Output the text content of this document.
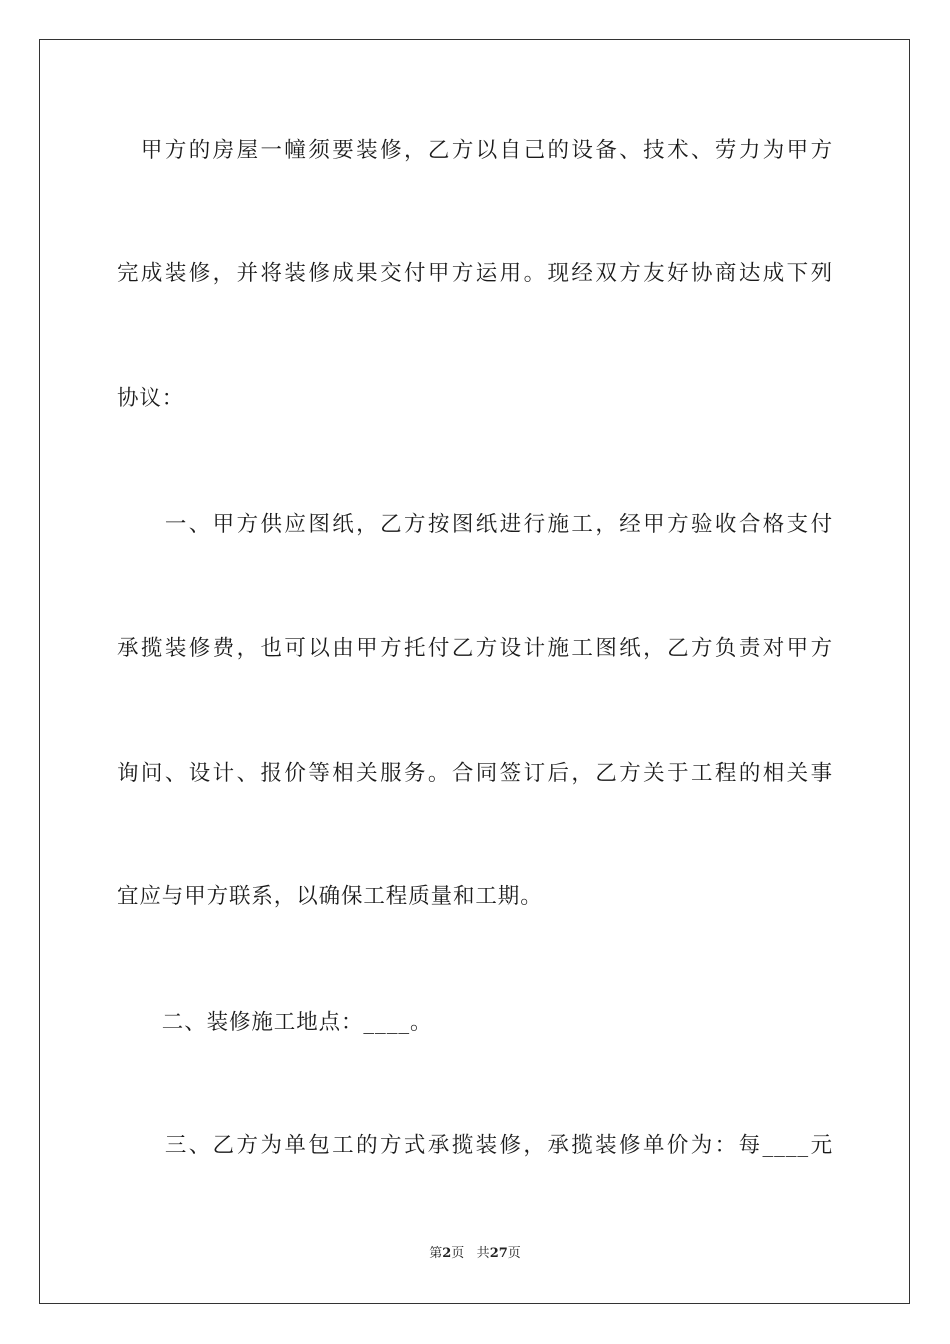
　甲方的房屋一幢须要装修，乙方以自己的设备、技术、劳力为甲方
完成装修，并将装修成果交付甲方运用。现经双方友好协商达成下列
协议：
　　一、甲方供应图纸，乙方按图纸进行施工，经甲方验收合格支付
承揽装修费，也可以由甲方托付乙方设计施工图纸，乙方负责对甲方
询问、设计、报价等相关服务。合同签订后，乙方关于工程的相关事
宜应与甲方联系，以确保工程质量和工期。
　　二、装修施工地点：____。
　　三、乙方为单包工的方式承揽装修，承揽装修单价为：每____元
第2页 共27页
